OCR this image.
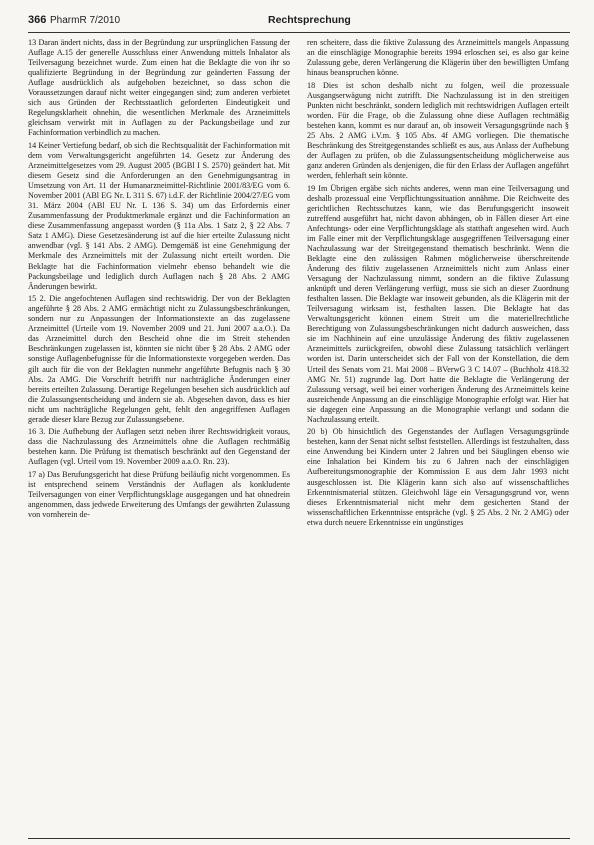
366 PharmR 7/2010	Rechtsprechung

13 Daran ändert nichts, dass in der Begründung zur ursprünglichen Fassung der Auflage A.15 der generelle Ausschluss einer Anwendung mittels Inhalator als Teilversagung bezeichnet wurde. Zum einen hat die Beklagte die von ihr so qualifizierte Begründung in der Begründung zur geänderten Fassung der Auflage ausdrücklich als aufgehoben bezeichnet, so dass schon die Voraussetzungen darauf nicht weiter eingegangen sind; zum anderen verbietet sich aus Gründen der Rechtsstaatlich geforderten Eindeutigkeit und Regelungsklarheit ohnehin, die wesentlichen Merkmale des Arzneimittels gleichsam verwirkt mit in Auflagen zu der Packungsbeilage und zur Fachinformation verbindlich zu machen.

14 Keiner Vertiefung bedarf, ob sich die Rechtsqualität der Fachinformation mit dem vom Verwaltungsgericht angeführten 14. Gesetz zur Änderung des Arzneimittelgesetzes vom 29. August 2005 (BGBl I S. 2570) geändert hat. Mit diesem Gesetz sind die Anforderungen an den Genehmigungsantrag in Umsetzung von Art. 11 der Humanarzneimittel-Richtlinie 2001/83/EG vom 6. November 2001 (ABl EG Nr. L 311 S. 67) i.d.F. der Richtlinie 2004/27/EG vom 31. März 2004 (ABl EU Nr. L 136 S. 34) um das Erfordernis einer Zusammenfassung der Produktmerkmale ergänzt und die Fachinformation an diese Zusammenfassung angepasst worden (§ 11a Abs. 1 Satz 2, § 22 Abs. 7 Satz 1 AMG). Diese Gesetzesänderung ist auf die hier erteilte Zulassung nicht anwendbar (vgl. § 141 Abs. 2 AMG). Demgemäß ist eine Genehmigung der Merkmale des Arzneimittels mit der Zulassung nicht erteilt worden. Die Beklagte hat die Fachinformation vielmehr ebenso behandelt wie die Packungsbeilage und lediglich durch Auflagen nach § 28 Abs. 2 AMG Änderungen bewirkt.

15 2. Die angefochtenen Auflagen sind rechtswidrig. Der von der Beklagten angeführte § 28 Abs. 2 AMG ermächtigt nicht zu Zulassungsbeschränkungen, sondern nur zu Anpassungen der Informationstexte an das zugelassene Arzneimittel (Urteile vom 19. November 2009 und 21. Juni 2007 a.a.O.). Da das Arzneimittel durch den Bescheid ohne die im Streit stehenden Beschränkungen zugelassen ist, könnten sie nicht über § 28 Abs. 2 AMG oder sonstige Auflagenbefugnisse für die Informationstexte vorgegeben werden. Das gilt auch für die von der Beklagten nunmehr angeführte Befugnis nach § 30 Abs. 2a AMG. Die Vorschrift betrifft nur nachträgliche Änderungen einer bereits erteilten Zulassung. Derartige Regelungen besehen sich ausdrücklich auf die Zulassungsentscheidung und ändern sie ab. Abgesehen davon, dass es hier nicht um nachträgliche Regelungen geht, fehlt den angegriffenen Auflagen gerade dieser klare Bezug zur Zulassungsebene.

16 3. Die Aufhebung der Auflagen setzt neben ihrer Rechtswidrigkeit voraus, dass die Nachzulassung des Arzneimittels ohne die Auflagen rechtmäßig bestehen kann. Die Prüfung ist thematisch beschränkt auf den Gegenstand der Auflagen (vgl. Urteil vom 19. November 2009 a.a.O. Rn. 23).

17 a) Das Berufungsgericht hat diese Prüfung beiläufig nicht vorgenommen. Es ist entsprechend seinem Verständnis der Auflagen als konkludente Teilversagungen von einer Verpflichtungsklage ausgegangen und hat ohnedrein angenommen, dass jedwede Erweiterung des Umfangs der gewährten Zulassung von vornherein de-

ren scheitere, dass die fiktive Zulassung des Arzneimittels mangels Anpassung an die einschlägige Monographie bereits 1994 erloschen sei, es also gar keine Zulassung gebe, deren Verlängerung die Klägerin über den bewilligten Umfang hinaus beanspruchen könne.

18 Dies ist schon deshalb nicht zu folgen, weil die prozessuale Ausgangserwägung nicht zutrifft. Die Nachzulassung ist in den streitigen Punkten nicht beschränkt, sondern lediglich mit rechtswidrigen Auflagen erteilt worden. Für die Frage, ob die Zulassung ohne diese Auflagen rechtmäßig bestehen kann, kommt es nur darauf an, ob insoweit Versagungsgründe nach § 25 Abs. 2 AMG i.V.m. § 105 Abs. 4f AMG vorliegen. Die thematische Beschränkung des Streitgegenstandes schließt es aus, aus Anlass der Aufhebung der Auflagen zu prüfen, ob die Zulassungsentscheidung möglicherweise aus ganz anderen Gründen als denjenigen, die für den Erlass der Auflagen angeführt werden, fehlerhaft sein könnte.

19 Im Übrigen ergäbe sich nichts anderes, wenn man eine Teilversagung und deshalb prozessual eine Verpflichtungssituation annähme. Die Reichweite des gerichtlichen Rechtsschutzes kann, wie das Berufungsgericht insoweit zutreffend ausgeführt hat, nicht davon abhängen, ob in Fällen dieser Art eine Anfechtungs- oder eine Verpflichtungsklage als statthaft angesehen wird. Auch im Falle einer mit der Verpflichtungsklage ausgegriffenen Teilversagung einer Nachzulassung war der Streitgegenstand thematisch beschränkt. Wenn die Beklagte eine den zulässigen Rahmen möglicherweise überschreitende Änderung des fiktiv zugelassenen Arzneimittels nicht zum Anlass einer Versagung der Nachzulassung nimmt, sondern an die fiktive Zulassung anknüpft und deren Verlängerung verfügt, muss sie sich an dieser Zuordnung festhalten lassen. Die Beklagte war insoweit gebunden, als die Klägerin mit der Teilversagung wirksam ist, festhalten lassen. Die Beklagte hat das Verwaltungsgericht können einem Streit um die materiellrechtliche Berechtigung von Zulassungsbeschränkungen nicht dadurch ausweichen, dass sie im Nachhinein auf eine unzulässige Änderung des fiktiv zugelassenen Arzneimittels zurückgreifen, obwohl diese Zulassung tatsächlich verlängert worden ist. Darin unterscheidet sich der Fall von der Konstellation, die dem Urteil des Senats vom 21. Mai 2008 – BVerwG 3 C 14.07 – (Buchholz 418.32 AMG Nr. 51) zugrunde lag. Dort hatte die Beklagte die Verlängerung der Zulassung versagt, weil bei einer vorherigen Änderung des Arzneimittels keine ausreichende Anpassung an die einschlägige Monographie erfolgt war. Hier hat sie dagegen eine Anpassung an die Monographie verlangt und sodann die Nachzulassung erteilt.

20 b) Ob hinsichtlich des Gegenstandes der Auflagen Versagungsgründe bestehen, kann der Senat nicht selbst feststellen. Allerdings ist festzuhalten, dass eine Anwendung bei Kindern unter 2 Jahren und bei Säuglingen ebenso wie eine Inhalation bei Kindern bis zu 6 Jahren nach der einschlägigen Aufbereitungsmonographie der Kommission E aus dem Jahr 1993 nicht ausgeschlossen ist. Die Klägerin kann sich also auf wissenschaftliches Erkenntnismaterial stützen. Gleichwohl läge ein Versagungsgrund vor, wenn dieses Erkenntnismaterial nicht mehr dem gesicherten Stand der wissenschaftlichen Erkenntnisse entspräche (vgl. § 25 Abs. 2 Nr. 2 AMG) oder etwa durch neuere Erkenntnisse ein ungünstiges
